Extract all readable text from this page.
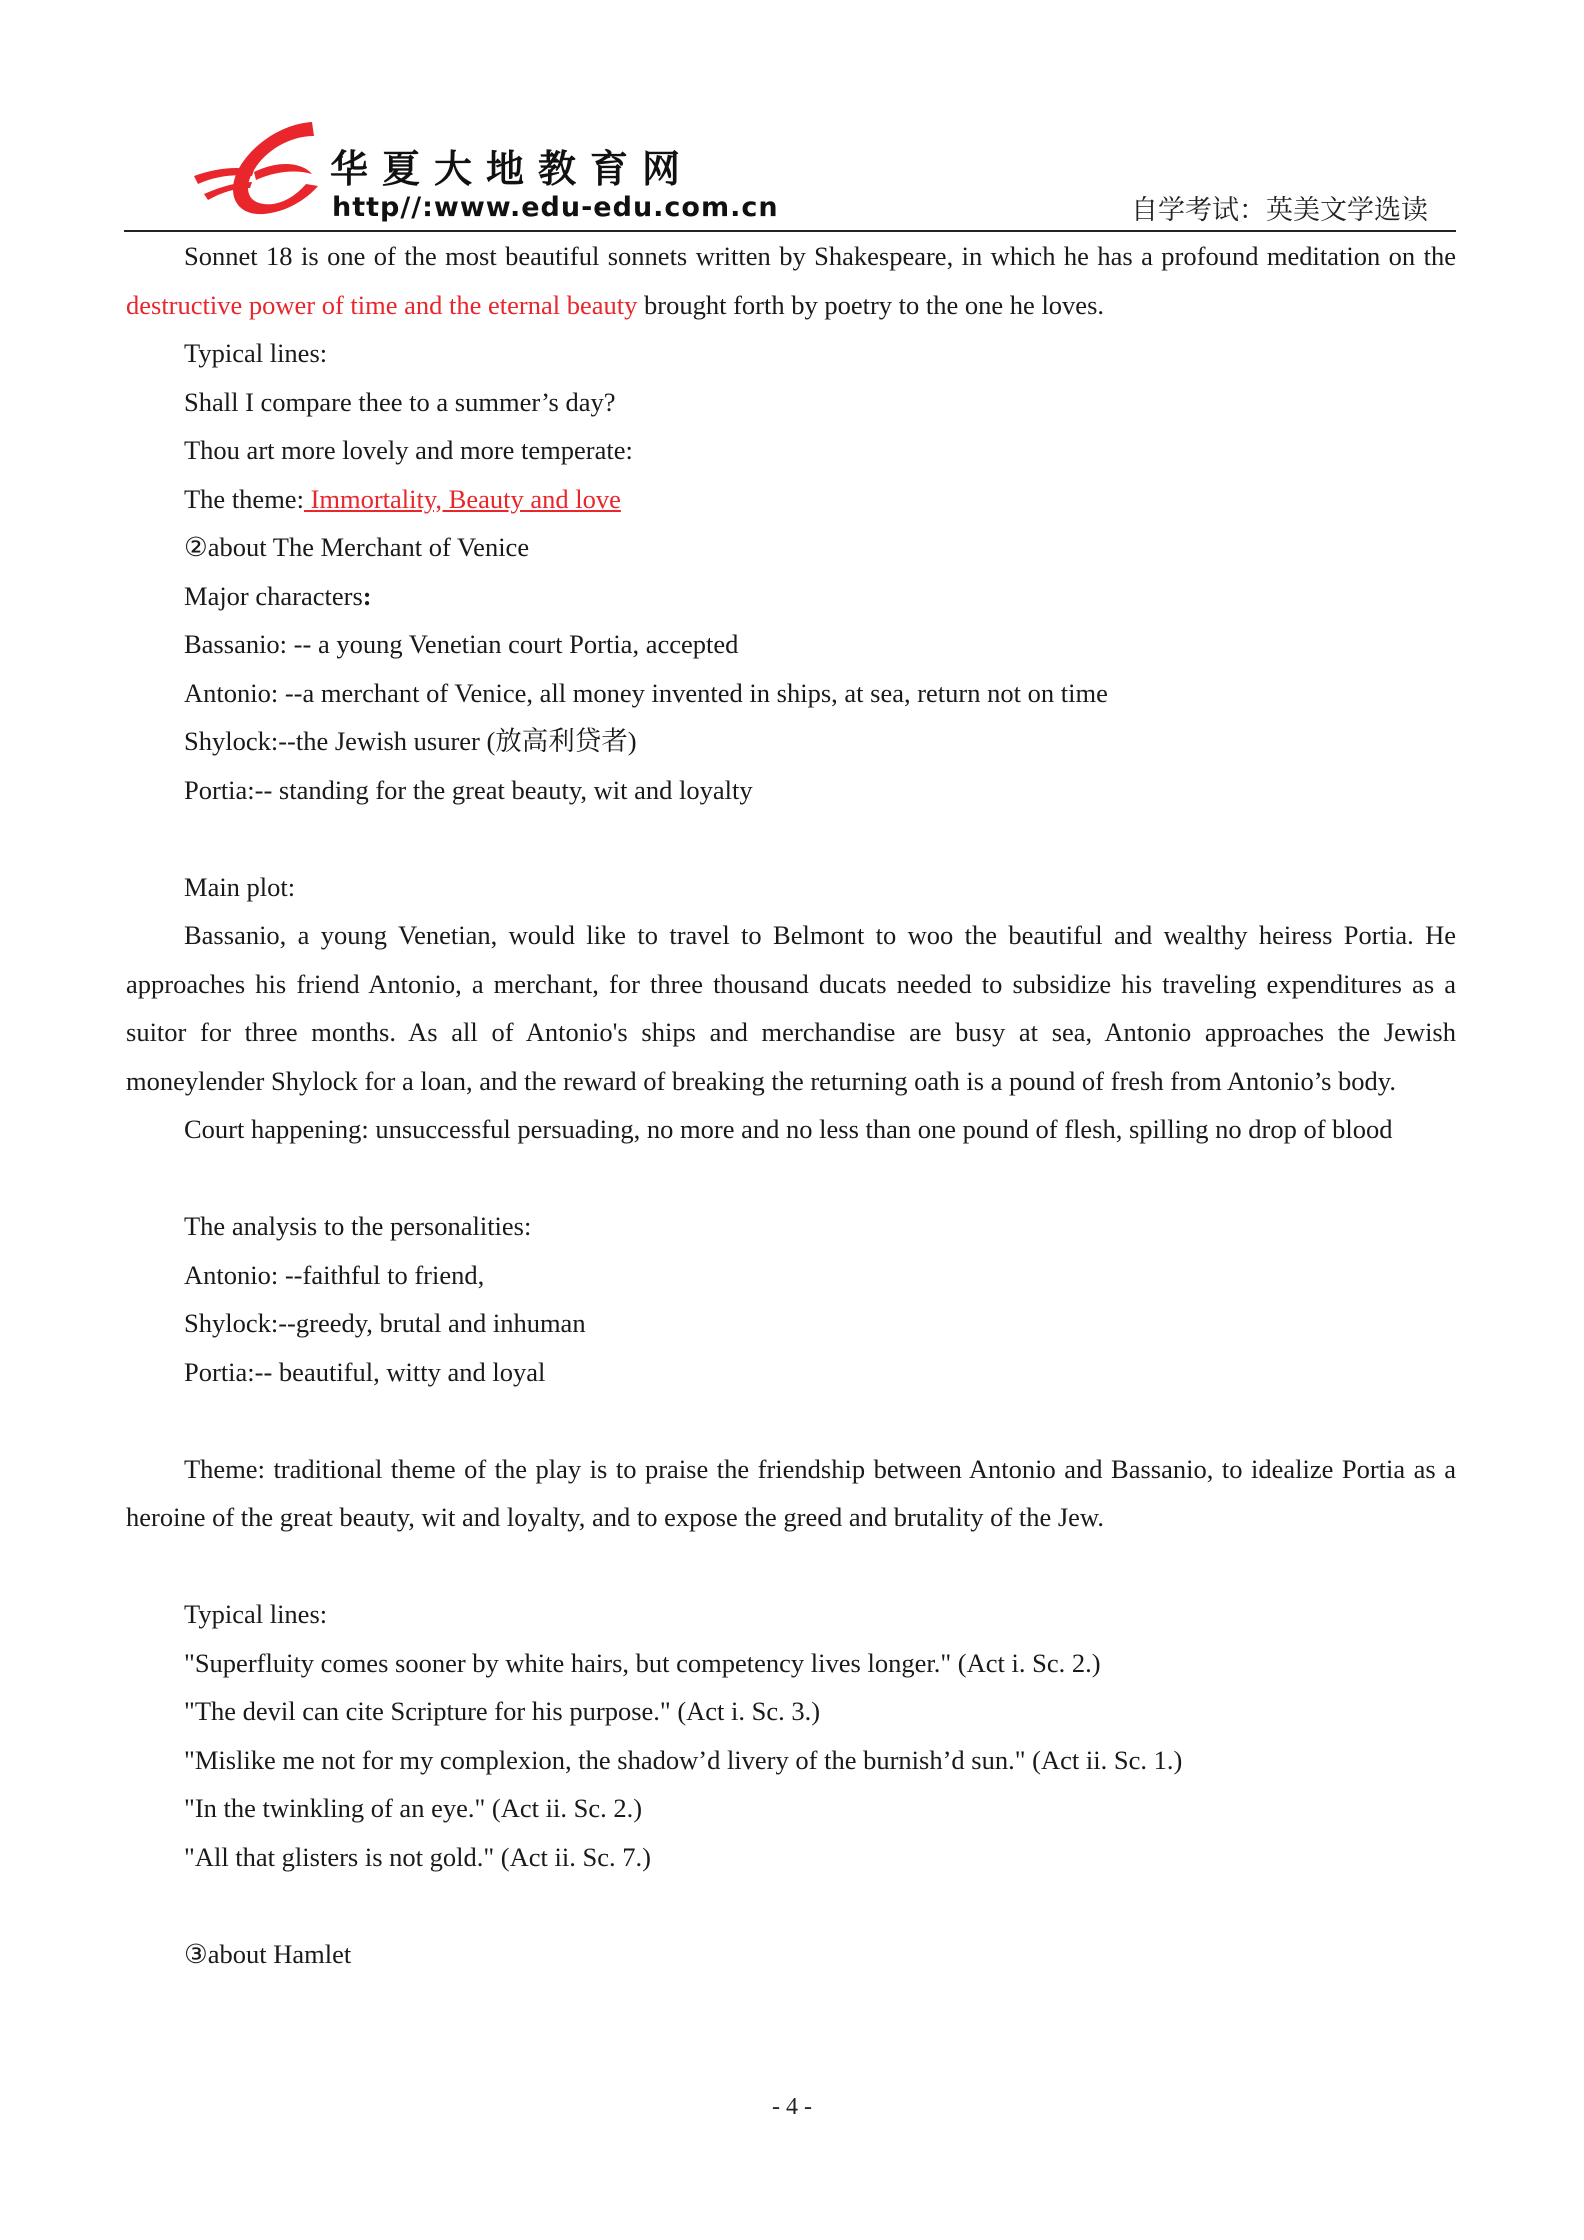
华夏大地教育网
http//:www.edu-edu.com.cn	自学考试：英美文学选读

Sonnet 18 is one of the most beautiful sonnets written by Shakespeare, in which he has a profound meditation on the destructive power of time and the eternal beauty brought forth by poetry to the one he loves.

Typical lines:

Shall I compare thee to a summer’s day?

Thou art more lovely and more temperate:

The theme: Immortality, Beauty and love

②about The Merchant of Venice

Major characters:

Bassanio: -- a young Venetian court Portia, accepted

Antonio: --a merchant of Venice, all money invented in ships, at sea, return not on time

Shylock:--the Jewish usurer (放高利贷者)

Portia:-- standing for the great beauty, wit and loyalty

Main plot:

Bassanio, a young Venetian, would like to travel to Belmont to woo the beautiful and wealthy heiress Portia. He approaches his friend Antonio, a merchant, for three thousand ducats needed to subsidize his traveling expenditures as a suitor for three months. As all of Antonio's ships and merchandise are busy at sea, Antonio approaches the Jewish moneylender Shylock for a loan, and the reward of breaking the returning oath is a pound of fresh from Antonio’s body.

Court happening: unsuccessful persuading, no more and no less than one pound of flesh, spilling no drop of blood

The analysis to the personalities:

Antonio: --faithful to friend,

Shylock:--greedy, brutal and inhuman

Portia:-- beautiful, witty and loyal

Theme: traditional theme of the play is to praise the friendship between Antonio and Bassanio, to idealize Portia as a heroine of the great beauty, wit and loyalty, and to expose the greed and brutality of the Jew.

Typical lines:

"Superfluity comes sooner by white hairs, but competency lives longer." (Act i. Sc. 2.)

"The devil can cite Scripture for his purpose." (Act i. Sc. 3.)

"Mislike me not for my complexion, the shadow’d livery of the burnish’d sun." (Act ii. Sc. 1.)

"In the twinkling of an eye." (Act ii. Sc. 2.)

"All that glisters is not gold." (Act ii. Sc. 7.)

③about Hamlet

- 4 -
